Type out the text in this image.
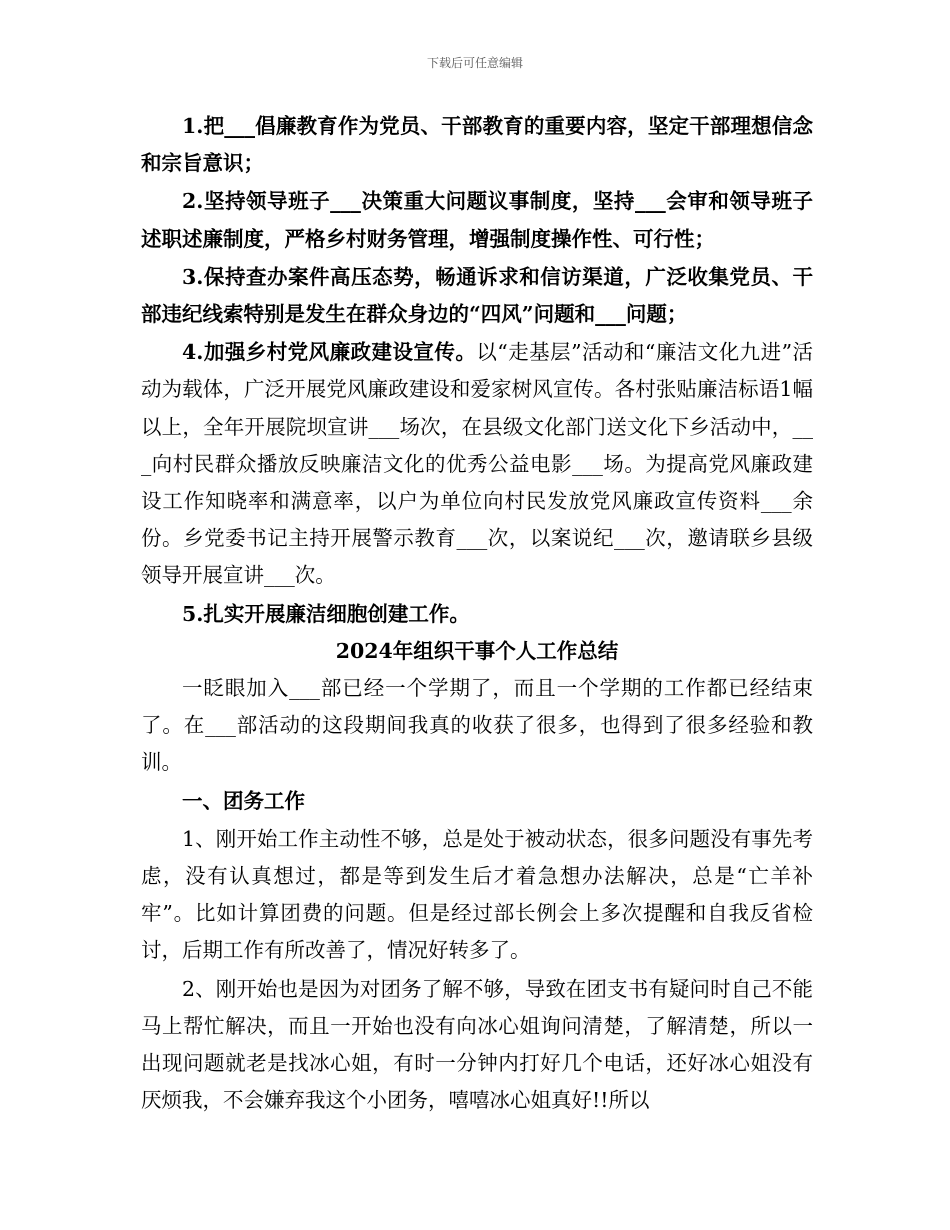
下载后可任意编辑

1.把___倡廉教育作为党员、干部教育的重要内容，坚定干部理想信念和宗旨意识；

2.坚持领导班子___决策重大问题议事制度，坚持___会审和领导班子述职述廉制度，严格乡村财务管理，增强制度操作性、可行性；

3.保持查办案件高压态势，畅通诉求和信访渠道，广泛收集党员、干部违纪线索特别是发生在群众身边的“四风”问题和___问题；

4.加强乡村党风廉政建设宣传。以“走基层”活动和“廉洁文化九进”活动为载体，广泛开展党风廉政建设和爱家树风宣传。各村张贴廉洁标语1幅以上，全年开展院坝宣讲___场次，在县级文化部门送文化下乡活动中，___向村民群众播放反映廉洁文化的优秀公益电影___场。为提高党风廉政建设工作知晓率和满意率，以户为单位向村民发放党风廉政宣传资料___余份。乡党委书记主持开展警示教育___次，以案说纪___次，邀请联乡县级领导开展宣讲___次。

5.扎实开展廉洁细胞创建工作。

2024年组织干事个人工作总结

一眨眼加入___部已经一个学期了，而且一个学期的工作都已经结束了。在___部活动的这段期间我真的收获了很多，也得到了很多经验和教训。

一、团务工作

1、刚开始工作主动性不够，总是处于被动状态，很多问题没有事先考虑，没有认真想过，都是等到发生后才着急想办法解决，总是“亡羊补牢”。比如计算团费的问题。但是经过部长例会上多次提醒和自我反省检讨，后期工作有所改善了，情况好转多了。

2、刚开始也是因为对团务了解不够，导致在团支书有疑问时自己不能马上帮忙解决，而且一开始也没有向冰心姐询问清楚，了解清楚，所以一出现问题就老是找冰心姐，有时一分钟内打好几个电话，还好冰心姐没有厌烦我，不会嫌弃我这个小团务，嘻嘻冰心姐真好!!所以
